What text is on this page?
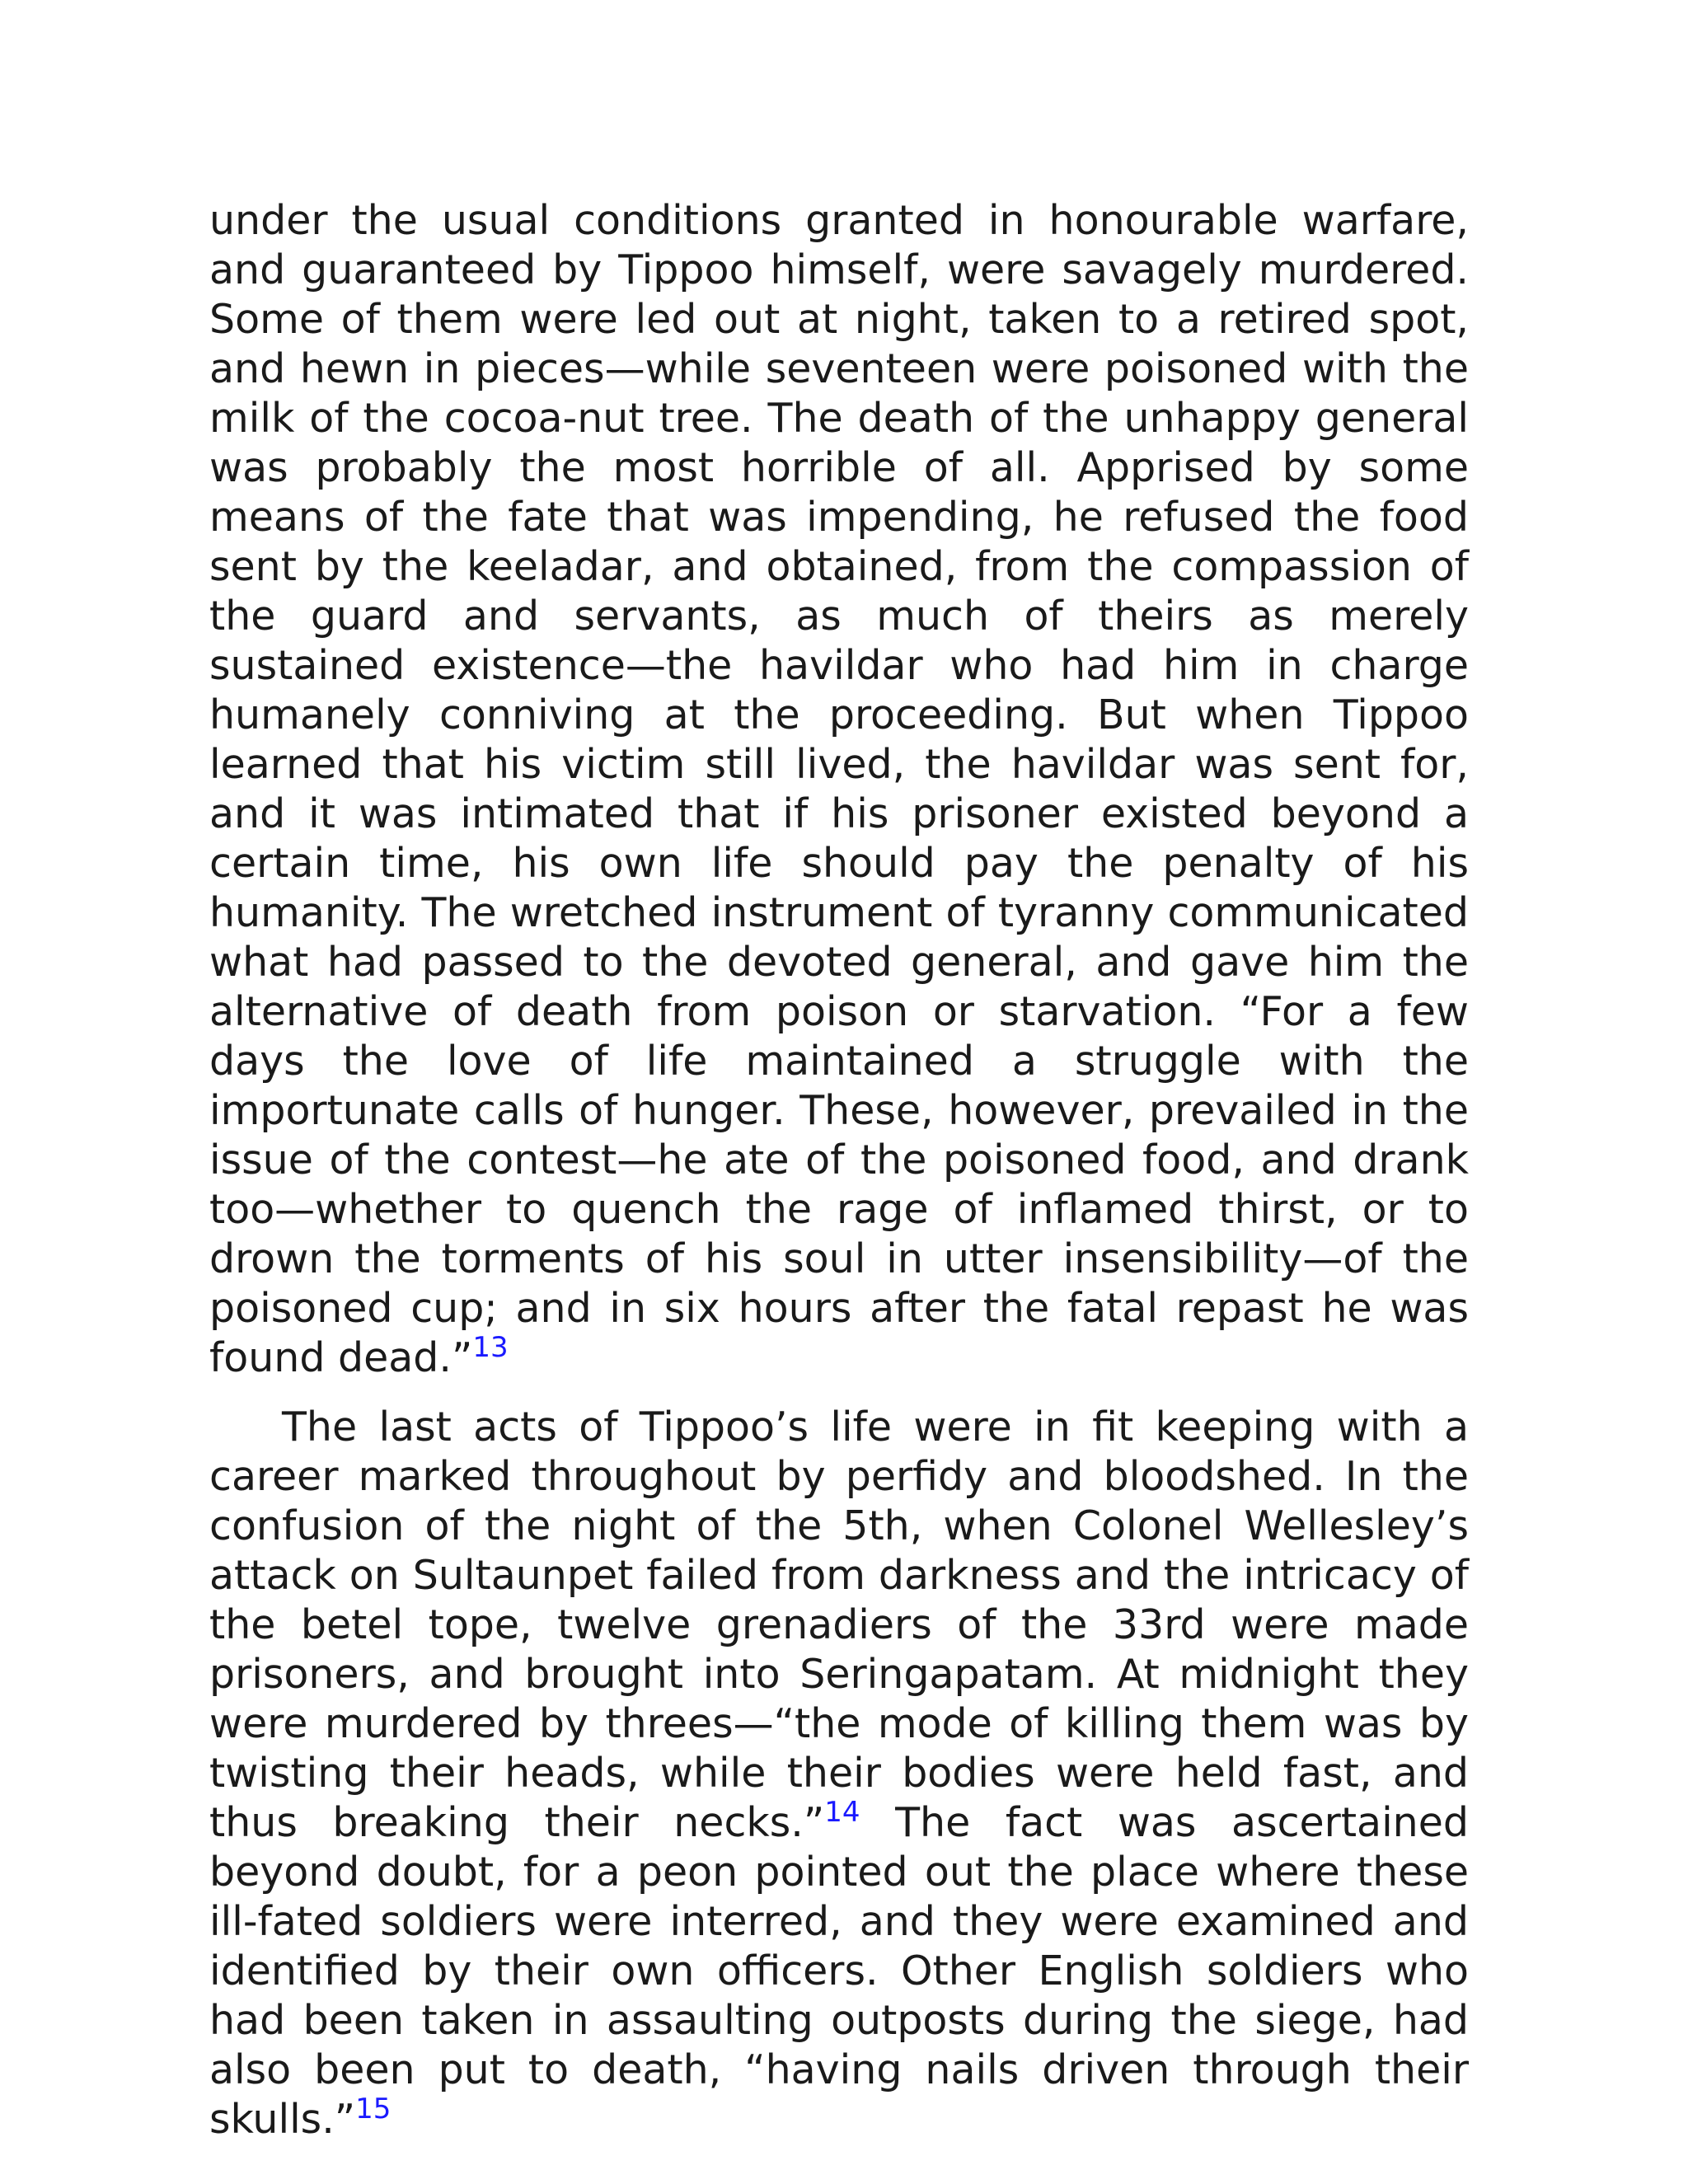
under the usual conditions granted in honourable warfare, and guaranteed by Tippoo himself, were savagely murdered. Some of them were led out at night, taken to a retired spot, and hewn in pieces—while seventeen were poisoned with the milk of the cocoa-nut tree. The death of the unhappy general was probably the most horrible of all. Apprised by some means of the fate that was impending, he refused the food sent by the keeladar, and obtained, from the compassion of the guard and servants, as much of theirs as merely sustained existence—the havildar who had him in charge humanely conniving at the proceeding. But when Tippoo learned that his victim still lived, the havildar was sent for, and it was intimated that if his prisoner existed beyond a certain time, his own life should pay the penalty of his humanity. The wretched instrument of tyranny communicated what had passed to the devoted general, and gave him the alternative of death from poison or starvation. “For a few days the love of life maintained a struggle with the importunate calls of hunger. These, however, prevailed in the issue of the contest—he ate of the poisoned food, and drank too—whether to quench the rage of inflamed thirst, or to drown the torments of his soul in utter insensibility—of the poisoned cup; and in six hours after the fatal repast he was found dead.”$^{13}$

The last acts of Tippoo’s life were in fit keeping with a career marked throughout by perfidy and bloodshed. In the confusion of the night of the 5th, when Colonel Wellesley’s attack on Sultaunpet failed from darkness and the intricacy of the betel tope, twelve grenadiers of the 33rd were made prisoners, and brought into Seringapatam. At midnight they were murdered by threes—“the mode of killing them was by twisting their heads, while their bodies were held fast, and thus breaking their necks.”$^{14}$ The fact was ascertained beyond doubt, for a peon pointed out the place where these ill-fated soldiers were interred, and they were examined and identified by their own officers. Other English soldiers who had been taken in assaulting outposts during the siege, had also been put to death, “having nails driven through their skulls.”$^{15}$
